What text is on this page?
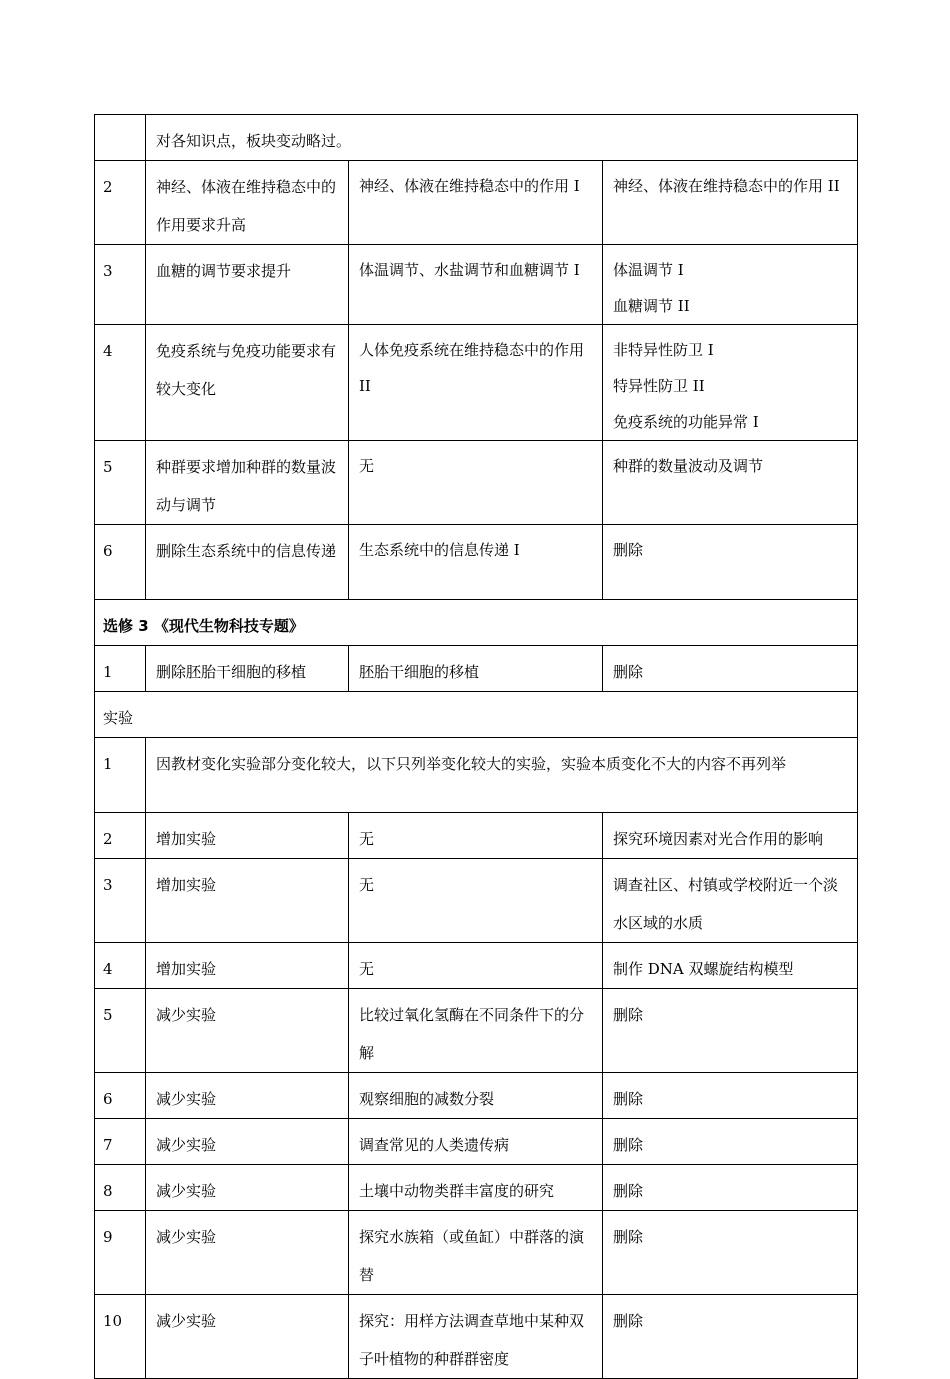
	对各知识点，板块变动略过。		
2	神经、体液在维持稳态中的作用要求升高	神经、体液在维持稳态中的作用 I	神经、体液在维持稳态中的作用 II

3	血糖的调节要求提升	体温调节、水盐调节和血糖调节 I	体温调节 I
血糖调节 II

4	免疫系统与免疫功能要求有较大变化	人体免疫系统在维持稳态中的作用 II	非特异性防卫 I
特异性防卫 II
免疫系统的功能异常 I

5	种群要求增加种群的数量波动与调节	无	种群的数量波动及调节

6	删除生态系统中的信息传递	生态系统中的信息传递 I	删除

选修 3 《现代生物科技专题》			
1	删除胚胎干细胞的移植	胚胎干细胞的移植	删除
实验			
1	因教材变化实验部分变化较大，以下只列举变化较大的实验，实验本质变化不大的内容不再列举		
2	增加实验	无	探究环境因素对光合作用的影响
3	增加实验	无	调查社区、村镇或学校附近一个淡水区域的水质
4	增加实验	无	制作 DNA 双螺旋结构模型
5	减少实验	比较过氧化氢酶在不同条件下的分解	删除
6	减少实验	观察细胞的减数分裂	删除
7	减少实验	调查常见的人类遗传病	删除
8	减少实验	土壤中动物类群丰富度的研究	删除
9	减少实验	探究水族箱（或鱼缸）中群落的演替	删除
10	减少实验	探究：用样方法调查草地中某种双子叶植物的种群群密度	删除
